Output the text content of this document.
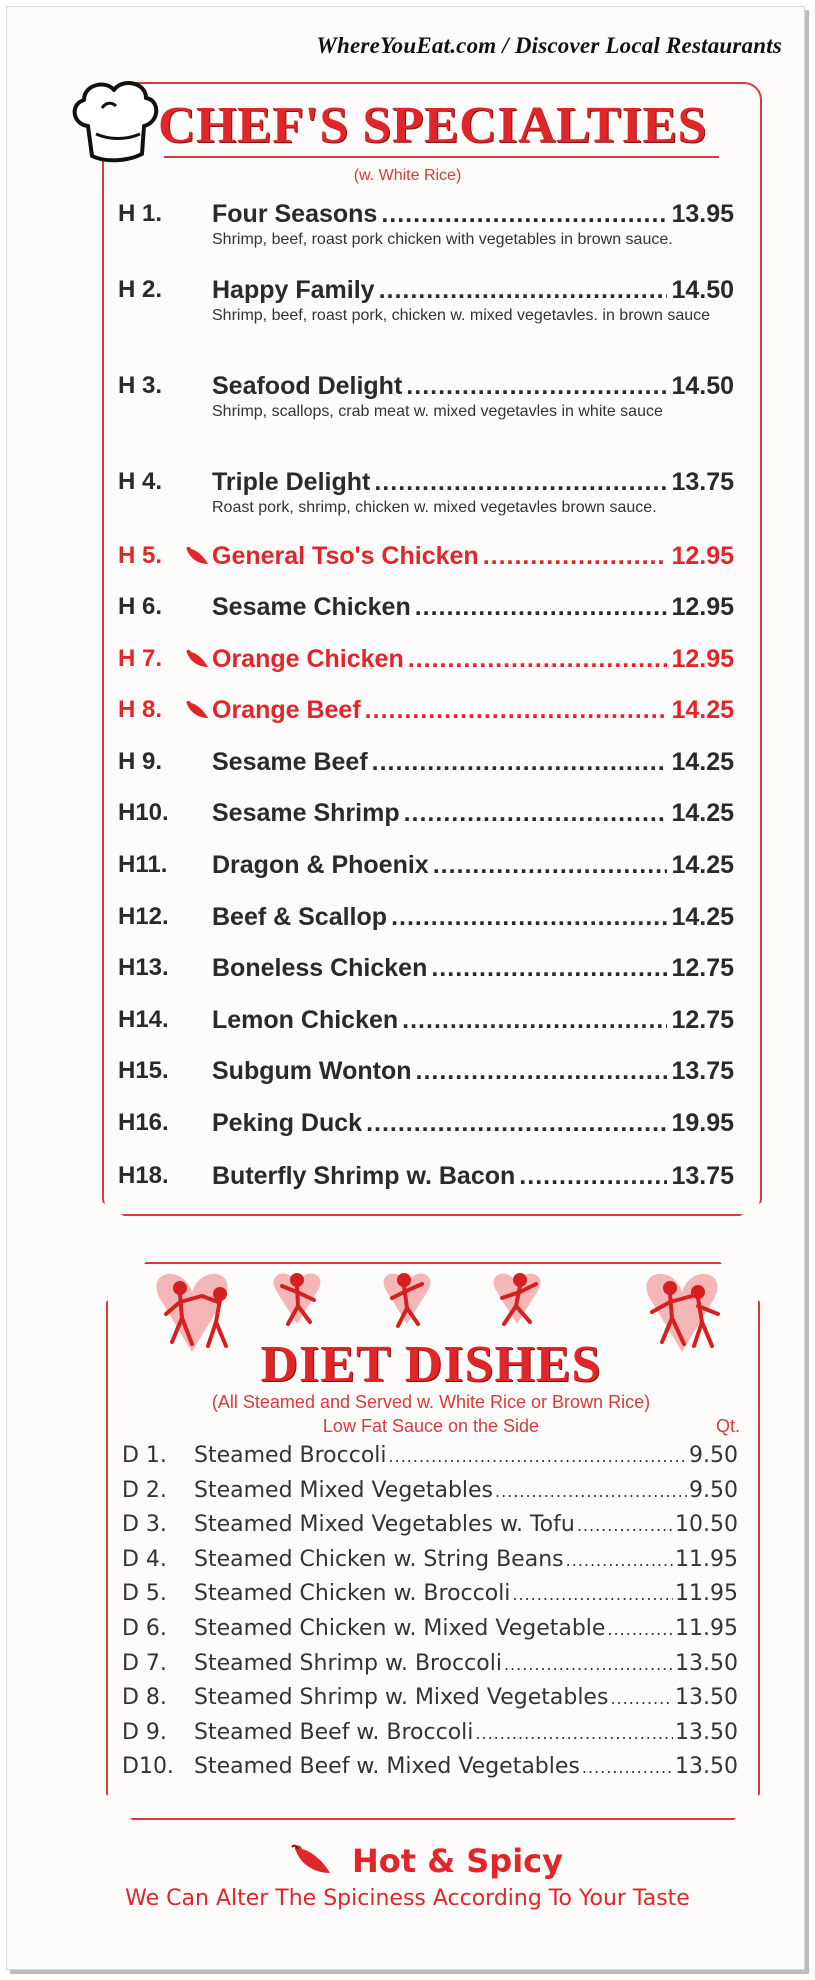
WhereYouEat.com / Discover Local Restaurants
CHEF'S SPECIALTIES
(w. White Rice)
H 1. Four Seasons .....	13.95
Shrimp, beef, roast pork chicken with vegetables in brown sauce.
H 2. Happy Family .....	14.50
Shrimp, beef, roast pork, chicken w. mixed vegetavles. in brown sauce
H 3. Seafood Delight .....	14.50
Shrimp, scallops, crab meat w. mixed vegetavles in white sauce
H 4. Triple Delight .....	13.75
Roast pork, shrimp, chicken w. mixed vegetavles brown sauce.
H 5. General Tso's Chicken .....	12.95
H 6. Sesame Chicken .....	12.95
H 7. Orange Chicken .....	12.95
H 8. Orange Beef .....	14.25
H 9. Sesame Beef .....	14.25
H10. Sesame Shrimp .....	14.25
H11. Dragon & Phoenix .....	14.25
H12. Beef & Scallop .....	14.25
H13. Boneless Chicken .....	12.75
H14. Lemon Chicken .....	12.75
H15. Subgum Wonton .....	13.75
H16. Peking Duck .....	19.95
H18. Buterfly Shrimp w. Bacon .....	13.75
DIET DISHES
(All Steamed and Served w. White Rice or Brown Rice)
Low Fat Sauce on the Side	Qt.
D 1. Steamed Broccoli .....	9.50
D 2. Steamed Mixed Vegetables .....	9.50
D 3. Steamed Mixed Vegetables w. Tofu .....	10.50
D 4. Steamed Chicken w. String Beans .....	11.95
D 5. Steamed Chicken w. Broccoli .....	11.95
D 6. Steamed Chicken w. Mixed Vegetable .....	11.95
D 7. Steamed Shrimp w. Broccoli .....	13.50
D 8. Steamed Shrimp w. Mixed Vegetables .....	13.50
D 9. Steamed Beef w. Broccoli .....	13.50
D10. Steamed Beef w. Mixed Vegetables .....	13.50
Hot & Spicy
We Can Alter The Spiciness According To Your Taste
